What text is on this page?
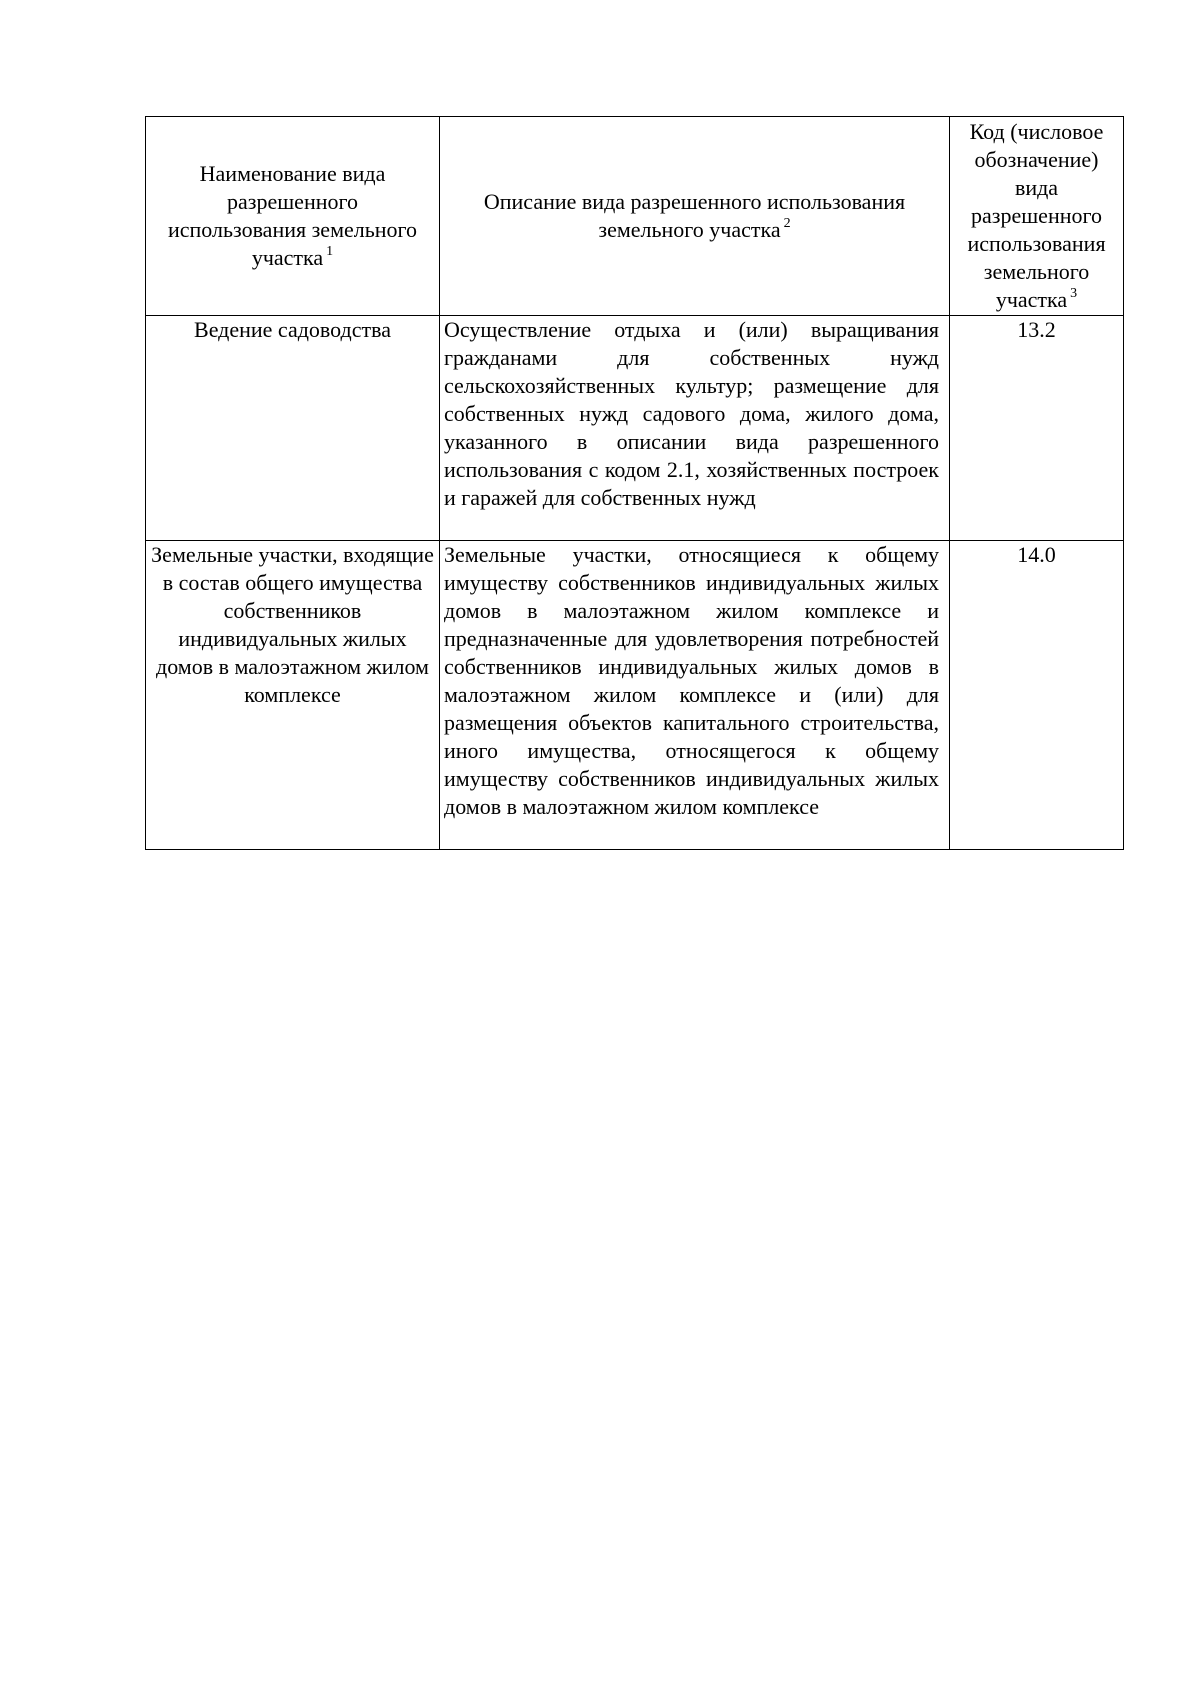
Наименование вида разрешенного использования земельного участка $^1$	Описание вида разрешенного использования земельного участка $^2$	Код (числовое обозначение) вида разрешенного использования земельного участка $^3$
Ведение садоводства	Осуществление отдыха и (или) выращивания гражданами для собственных нужд сельскохозяйственных культур; размещение для собственных нужд садового дома, жилого дома, указанного в описании вида разрешенного использования с кодом 2.1, хозяйственных построек и гаражей для собственных нужд	13.2
Земельные участки, входящие в состав общего имущества собственников индивидуальных жилых домов в малоэтажном жилом комплексе	Земельные участки, относящиеся к общему имуществу собственников индивидуальных жилых домов в малоэтажном жилом комплексе и предназначенные для удовлетворения потребностей собственников индивидуальных жилых домов в малоэтажном жилом комплексе и (или) для размещения объектов капитального строительства, иного имущества, относящегося к общему имуществу собственников индивидуальных жилых домов в малоэтажном жилом комплексе	14.0
